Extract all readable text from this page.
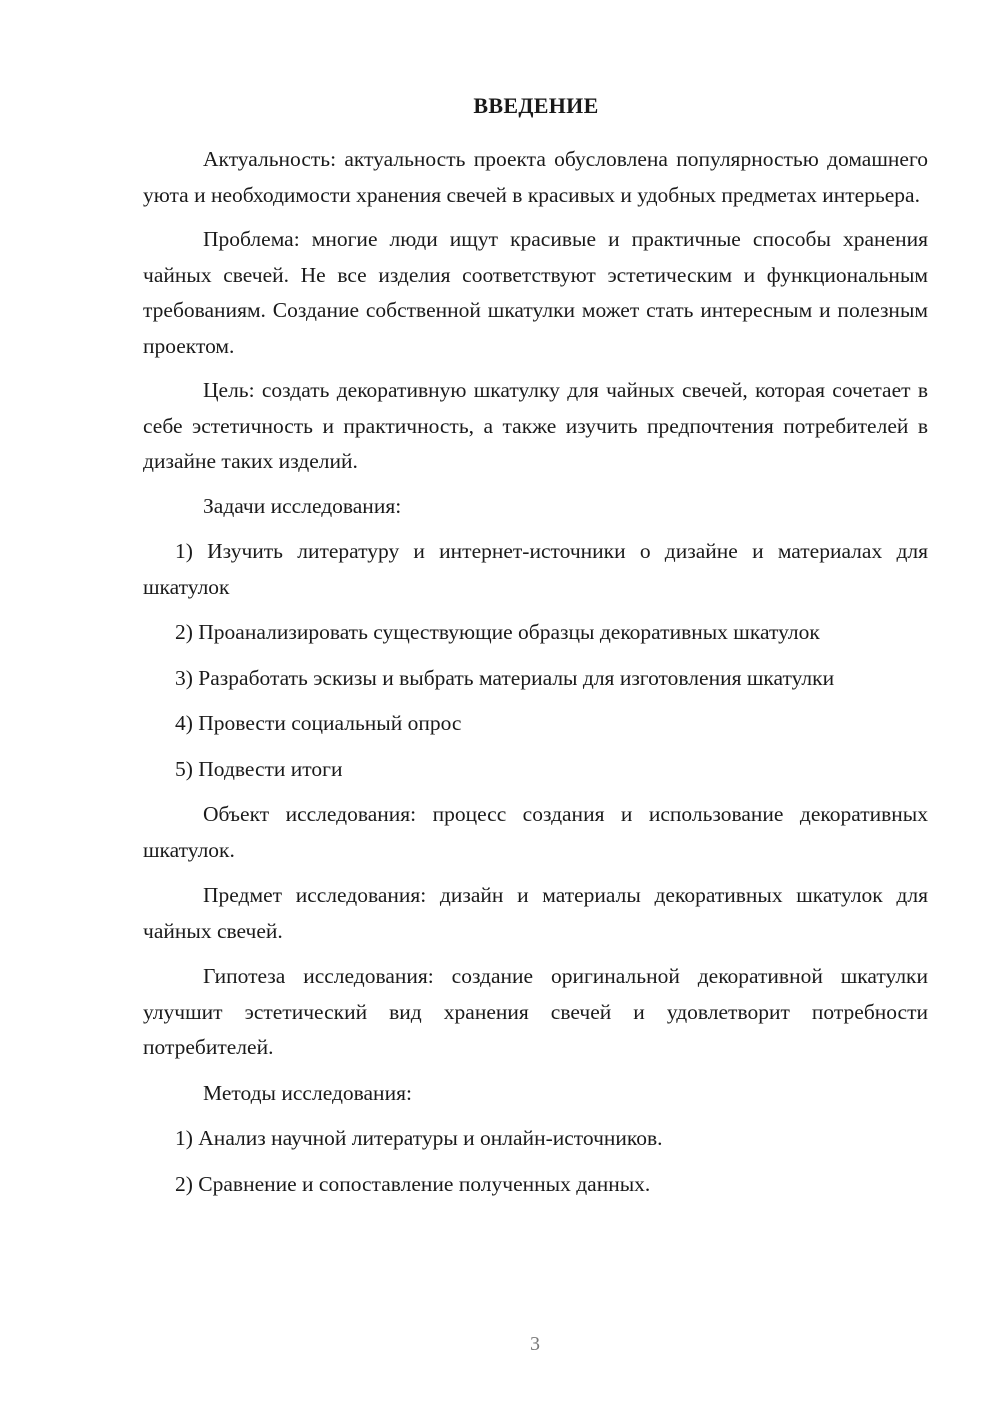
ВВЕДЕНИЕ

Актуальность: актуальность проекта обусловлена популярностью домашнего уюта и необходимости хранения свечей в красивых и удобных предметах интерьера.

Проблема: многие люди ищут красивые и практичные способы хранения чайных свечей. Не все изделия соответствуют эстетическим и функциональным требованиям. Создание собственной шкатулки может стать интересным и полезным проектом.

Цель: создать декоративную шкатулку для чайных свечей, которая сочетает в себе эстетичность и практичность, а также изучить предпочтения потребителей в дизайне таких изделий.

Задачи исследования:

1) Изучить литературу и интернет-источники о дизайне и материалах для шкатулок

2) Проанализировать существующие образцы декоративных шкатулок

3) Разработать эскизы и выбрать материалы для изготовления шкатулки

4) Провести социальный опрос

5) Подвести итоги

Объект исследования: процесс создания и использование декоративных шкатулок.

Предмет исследования: дизайн и материалы декоративных шкатулок для чайных свечей.

Гипотеза исследования: создание оригинальной декоративной шкатулки улучшит эстетический вид хранения свечей и удовлетворит потребности потребителей.

Методы исследования:

1) Анализ научной литературы и онлайн-источников.

2) Сравнение и сопоставление полученных данных.

3
